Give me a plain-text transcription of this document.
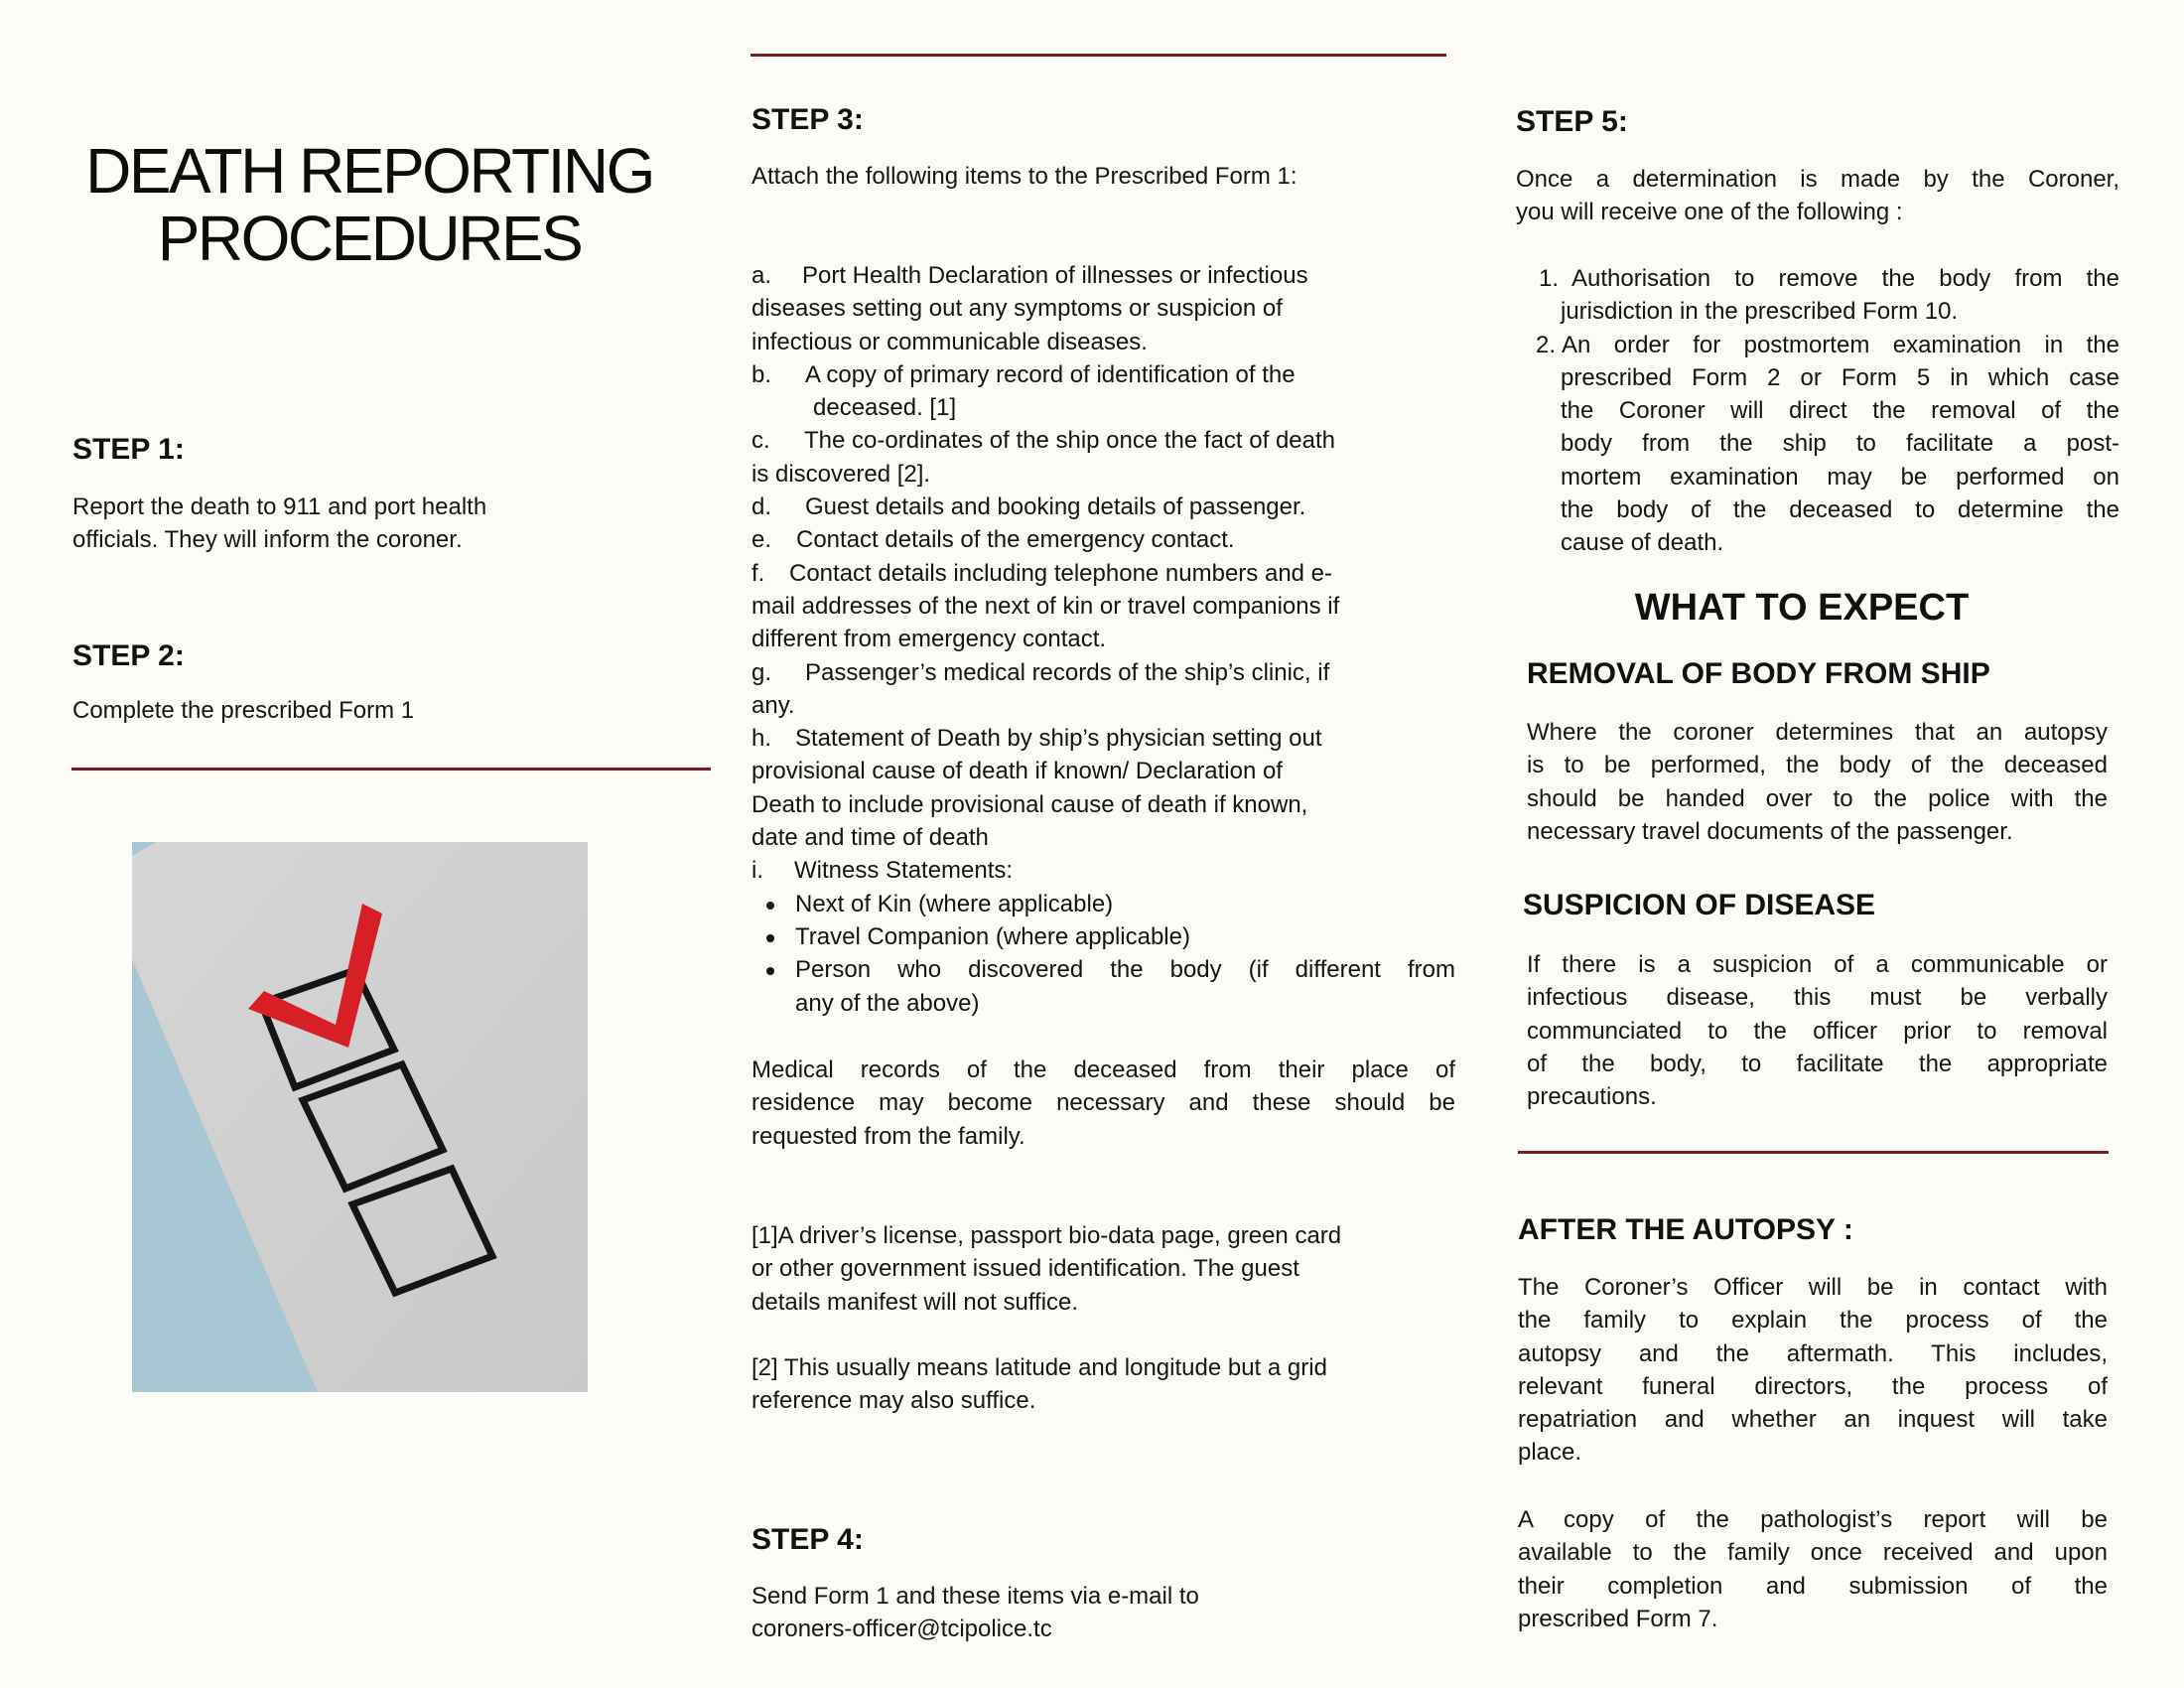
DEATH REPORTING
PROCEDURES
STEP 1:
Report the death to 911 and port health
officials. They will inform the coroner.
STEP 2:
Complete the prescribed Form 1
STEP 3:
Attach the following items to the Prescribed Form 1:
a. Port Health Declaration of illnesses or infectious
diseases setting out any symptoms or suspicion of
infectious or communicable diseases.
b. A copy of primary record of identification of the
deceased. [1]
c. The co-ordinates of the ship once the fact of death
is discovered [2].
d. Guest details and booking details of passenger.
e. Contact details of the emergency contact.
f. Contact details including telephone numbers and e-
mail addresses of the next of kin or travel companions if
different from emergency contact.
g. Passenger’s medical records of the ship’s clinic, if
any.
h. Statement of Death by ship’s physician setting out
provisional cause of death if known/ Declaration of
Death to include provisional cause of death if known,
date and time of death
i. Witness Statements:
Next of Kin (where applicable)
Travel Companion (where applicable)
Person who discovered the body (if different from
any of the above)
Medical records of the deceased from their place of
residence may become necessary and these should be
requested from the family.
[1]A driver’s license, passport bio-data page, green card
or other government issued identification. The guest
details manifest will not suffice.
[2] This usually means latitude and longitude but a grid
reference may also suffice.
STEP 4:
Send Form 1 and these items via e-mail to
coroners-officer@tcipolice.tc
STEP 5:
Once a determination is made by the Coroner,
you will receive one of the following :
1. Authorisation to remove the body from the
jurisdiction in the prescribed Form 10.
2. An order for postmortem examination in the
prescribed Form 2 or Form 5 in which case
the Coroner will direct the removal of the
body from the ship to facilitate a post-
mortem examination may be performed on
the body of the deceased to determine the
cause of death.
WHAT TO EXPECT
REMOVAL OF BODY FROM SHIP
Where the coroner determines that an autopsy
is to be performed, the body of the deceased
should be handed over to the police with the
necessary travel documents of the passenger.
SUSPICION OF DISEASE
If there is a suspicion of a communicable or
infectious disease, this must be verbally
communciated to the officer prior to removal
of the body, to facilitate the appropriate
precautions.
AFTER THE AUTOPSY :
The Coroner’s Officer will be in contact with
the family to explain the process of the
autopsy and the aftermath. This includes,
relevant funeral directors, the process of
repatriation and whether an inquest will take
place.
A copy of the pathologist’s report will be
available to the family once received and upon
their completion and submission of the
prescribed Form 7.
